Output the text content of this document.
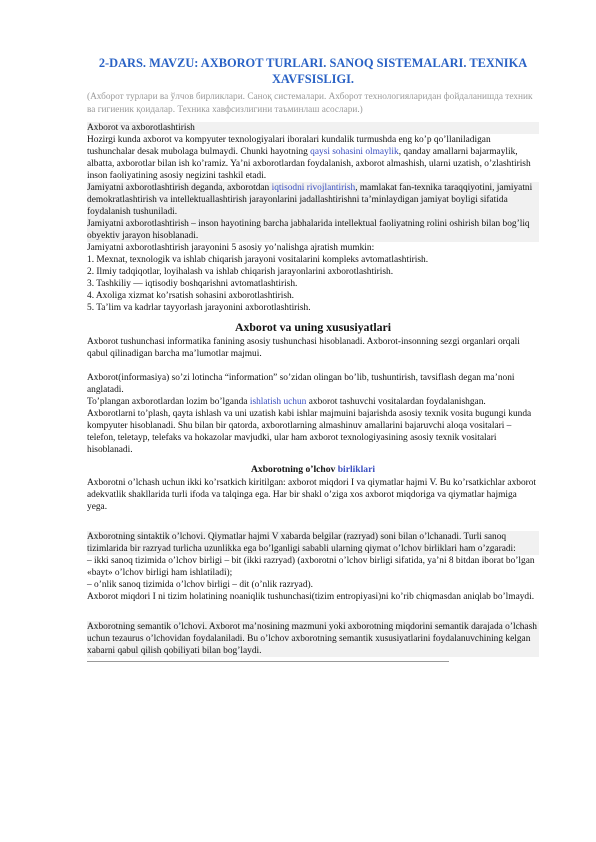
2-DARS. MAVZU: AXBOROT TURLARI. SANOQ SISTEMALARI. TEXNIKA XAVFSISLIGI.
(Ахборот турлари ва ўлчов бирликлари. Саноқ системалари. Ахборот технологияларидан фойдаланишда техник ва гигиеник қоидалар. Техника хавфсизлигини таъминлаш асослари.)
Axborot va axborotlashtirish
Hozirgi kunda axborot va kompyuter texnologiyalari iboralari kundalik turmushda eng ko’p qo’llaniladigan tushunchalar desak mubolaga bulmaydi. Chunki hayotning qaysi sohasini olmaylik, qanday amallarni bajarmaylik, albatta, axborotlar bilan ish ko’ramiz. Ya’ni axborotlardan foydalanish, axborot almashish, ularni uzatish, o’zlashtirish inson faoliyatining asosiy negizini tashkil etadi.
Jamiyatni axborotlashtirish deganda, axborotdan iqtisodni rivojlantirish, mamlakat fan-texnika taraqqiyotini, jamiyatni demokratlashtirish va intellektuallashtirish jarayonlarini jadallashtirishni ta’minlaydigan jamiyat boyligi sifatida foydalanish tushuniladi.
Jamiyatni axborotlashtirish – inson hayotining barcha jabhalarida intellektual faoliyatning rolini oshirish bilan bog’liq obyektiv jarayon hisoblanadi.
Jamiyatni axborotlashtirish jarayonini 5 asosiy yo’nalishga ajratish mumkin:
1. Mexnat, texnologik va ishlab chiqarish jarayoni vositalarini kompleks avtomatlashtirish.
2. Ilmiy tadqiqotlar, loyihalash va ishlab chiqarish jarayonlarini axborotlashtirish.
3. Tashkiliy — iqtisodiy boshqarishni avtomatlashtirish.
4. Axoliga xizmat ko’rsatish sohasini axborotlashtirish.
5. Ta’lim va kadrlar tayyorlash jarayonini axborotlashtirish.
Axborot va uning xususiyatlari
Axborot tushunchasi informatika fanining asosiy tushunchasi hisoblanadi. Axborot-insonning sezgi organlari orqali qabul qilinadigan barcha ma’lumotlar majmui.
Axborot(informasiya) so’zi lotincha “information” so’zidan olingan bo’lib, tushuntirish, tavsiflash degan ma’noni anglatadi.
To’plangan axborotlardan lozim bo’lganda ishlatish uchun axborot tashuvchi vositalardan foydalanishgan.
Axborotlarni to’plash, qayta ishlash va uni uzatish kabi ishlar majmuini bajarishda asosiy texnik vosita bugungi kunda kompyuter hisoblanadi. Shu bilan bir qatorda, axborotlarning almashinuv amallarini bajaruvchi aloqa vositalari – telefon, teletayp, telefaks va hokazolar mavjudki, ular ham axborot texnologiyasining asosiy texnik vositalari hisoblanadi.
Axborotning o’lchov birliklari
Axborotni o’lchash uchun ikki ko’rsatkich kiritilgan: axborot miqdori I va qiymatlar hajmi V. Bu ko’rsatkichlar axborot adekvatlik shakllarida turli ifoda va talqinga ega. Har bir shakl o’ziga xos axborot miqdoriga va qiymatlar hajmiga yega.
Axborotning sintaktik o’lchovi. Qiymatlar hajmi V xabarda belgilar (razryad) soni bilan o’lchanadi. Turli sanoq tizimlarida bir razryad turlicha uzunlikka ega bo’lganligi sababli ularning qiymat o’lchov birliklari ham o’zgaradi:
– ikki sanoq tizimida o’lchov birligi – bit (ikki razryad) (axborotni o’lchov birligi sifatida, ya’ni 8 bitdan iborat bo’lgan «bayt» o’lchov birligi ham ishlatiladi);
– o’nlik sanoq tizimida o’lchov birligi – dit (o’nlik razryad).
Axborot miqdori I ni tizim holatining noaniqlik tushunchasi(tizim entropiyasi)ni ko’rib chiqmasdan aniqlab bo’lmaydi.
Axborotning semantik o’lchovi. Axborot ma’nosining mazmuni yoki axborotning miqdorini semantik darajada o’lchash uchun tezaurus o’lchovidan foydalaniladi. Bu o’lchov axborotning semantik xususiyatlarini foydalanuvchining kelgan xabarni qabul qilish qobiliyati bilan bog’laydi.
